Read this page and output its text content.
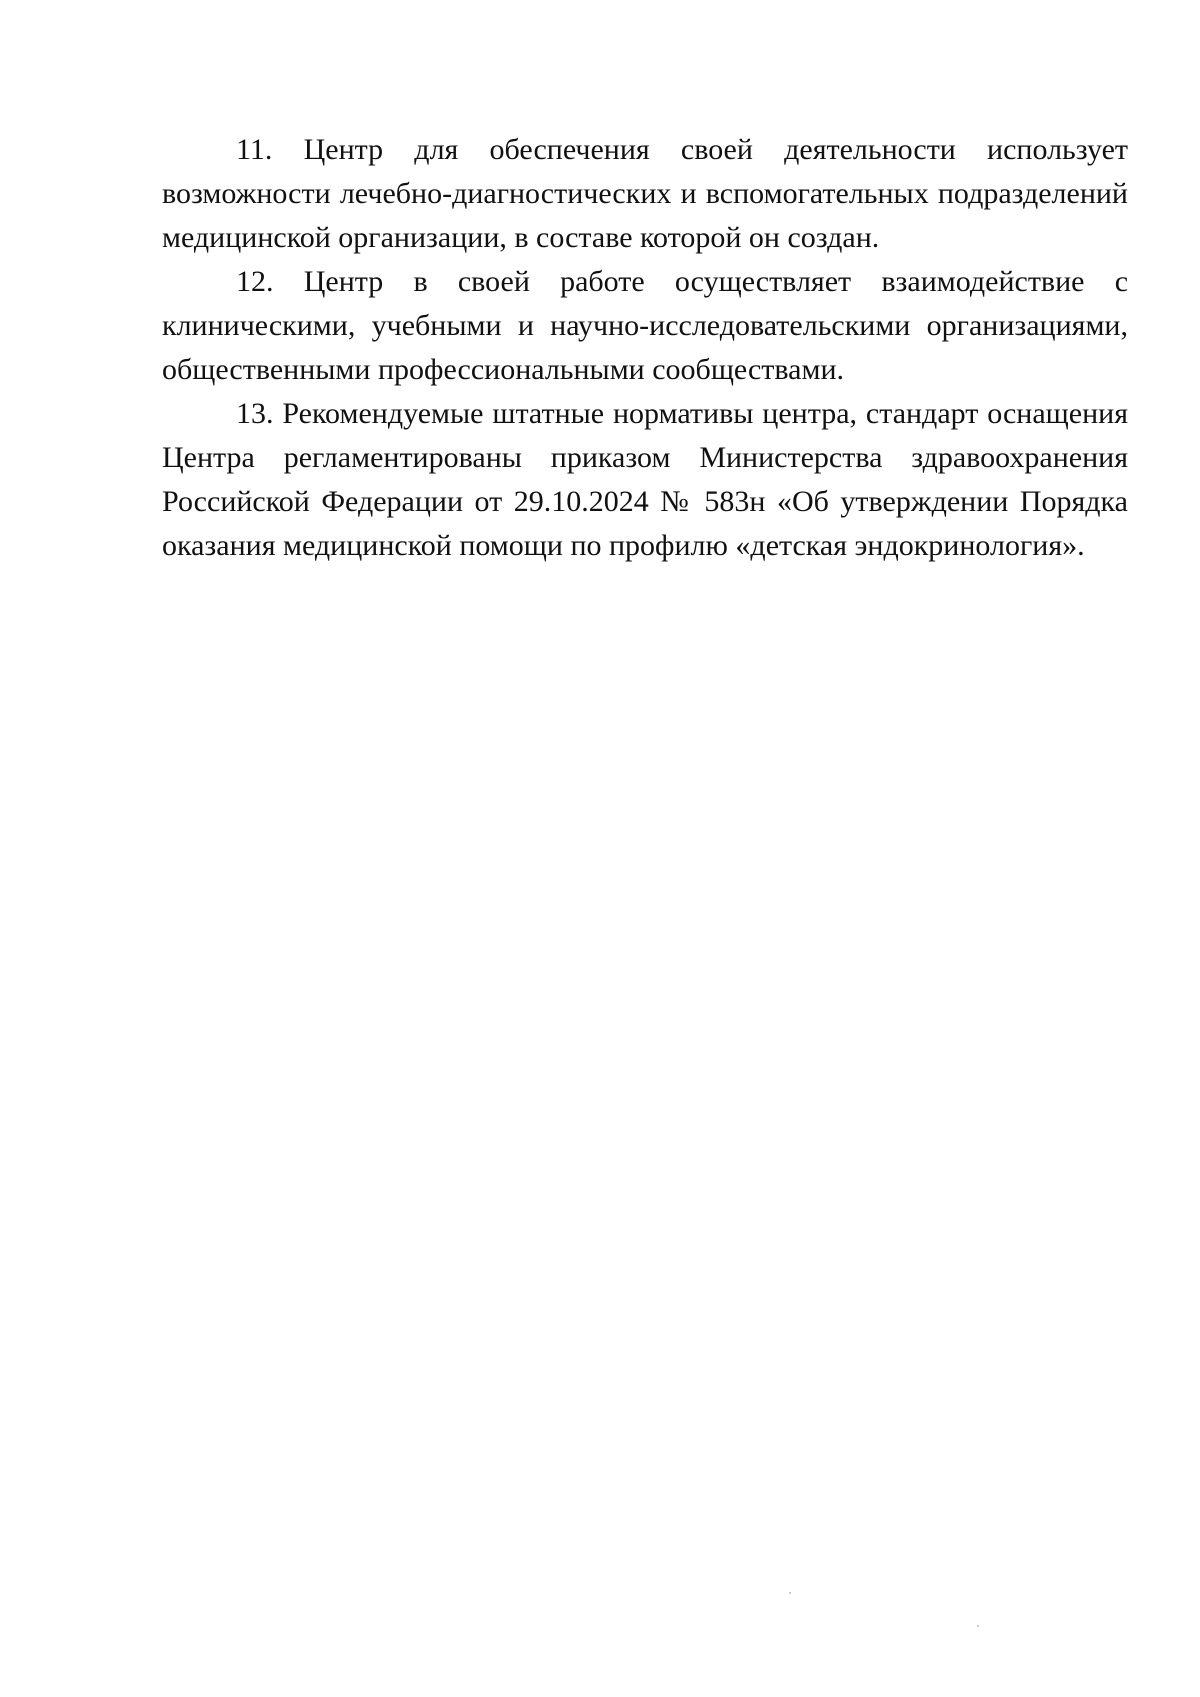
11. Центр для обеспечения своей деятельности использует возможности лечебно-диагностических и вспомогательных подразделений медицинской организации, в составе которой он создан.

12. Центр в своей работе осуществляет взаимодействие с клиническими, учебными и научно-исследовательскими организациями, общественными профессиональными сообществами.

13. Рекомендуемые штатные нормативы центра, стандарт оснащения Центра регламентированы приказом Министерства здравоохранения Российской Федерации от 29.10.2024 № 583н «Об утверждении Порядка оказания медицинской помощи по профилю «детская эндокринология».
